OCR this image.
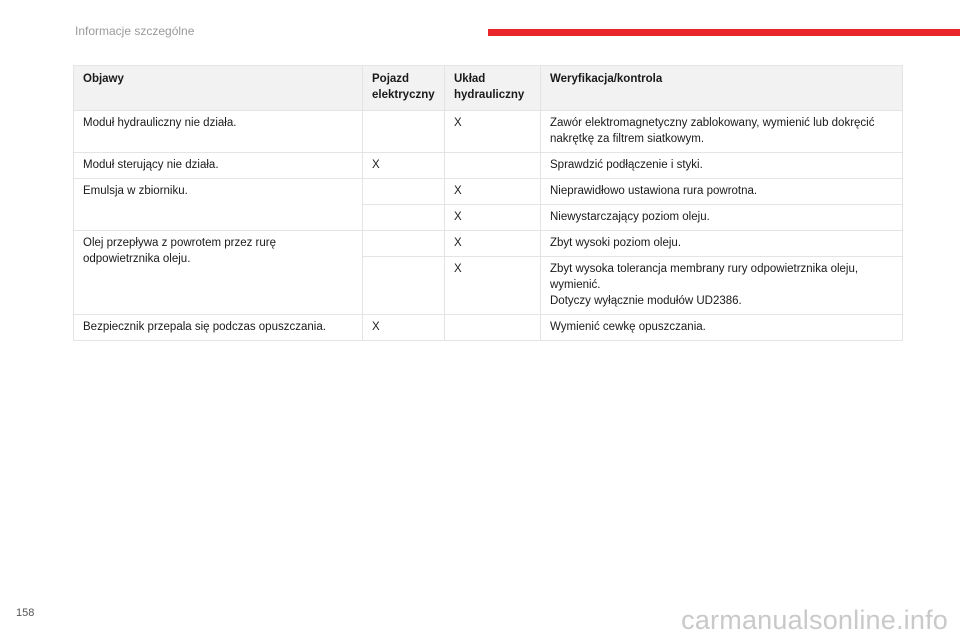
Informacje szczególne
Objawy	Pojazd elektryczny	Układ hydrauliczny	Weryfikacja/kontrola
Moduł hydrauliczny nie działa.		X	Zawór elektromagnetyczny zablokowany, wymienić lub dokręcić nakrętkę za filtrem siatkowym.
Moduł sterujący nie działa.	X		Sprawdzić podłączenie i styki.
Emulsja w zbiorniku.		X	Nieprawidłowo ustawiona rura powrotna.
		X	Niewystarczający poziom oleju.
Olej przepływa z powrotem przez rurę odpowietrznika oleju.		X	Zbyt wysoki poziom oleju.
		X	Zbyt wysoka tolerancja membrany rury odpowietrznika oleju, wymienić.
Dotyczy wyłącznie modułów UD2386.

Bezpiecznik przepala się podczas opuszczania.	X		Wymienić cewkę opuszczania.
158	carmanualsonline.info
